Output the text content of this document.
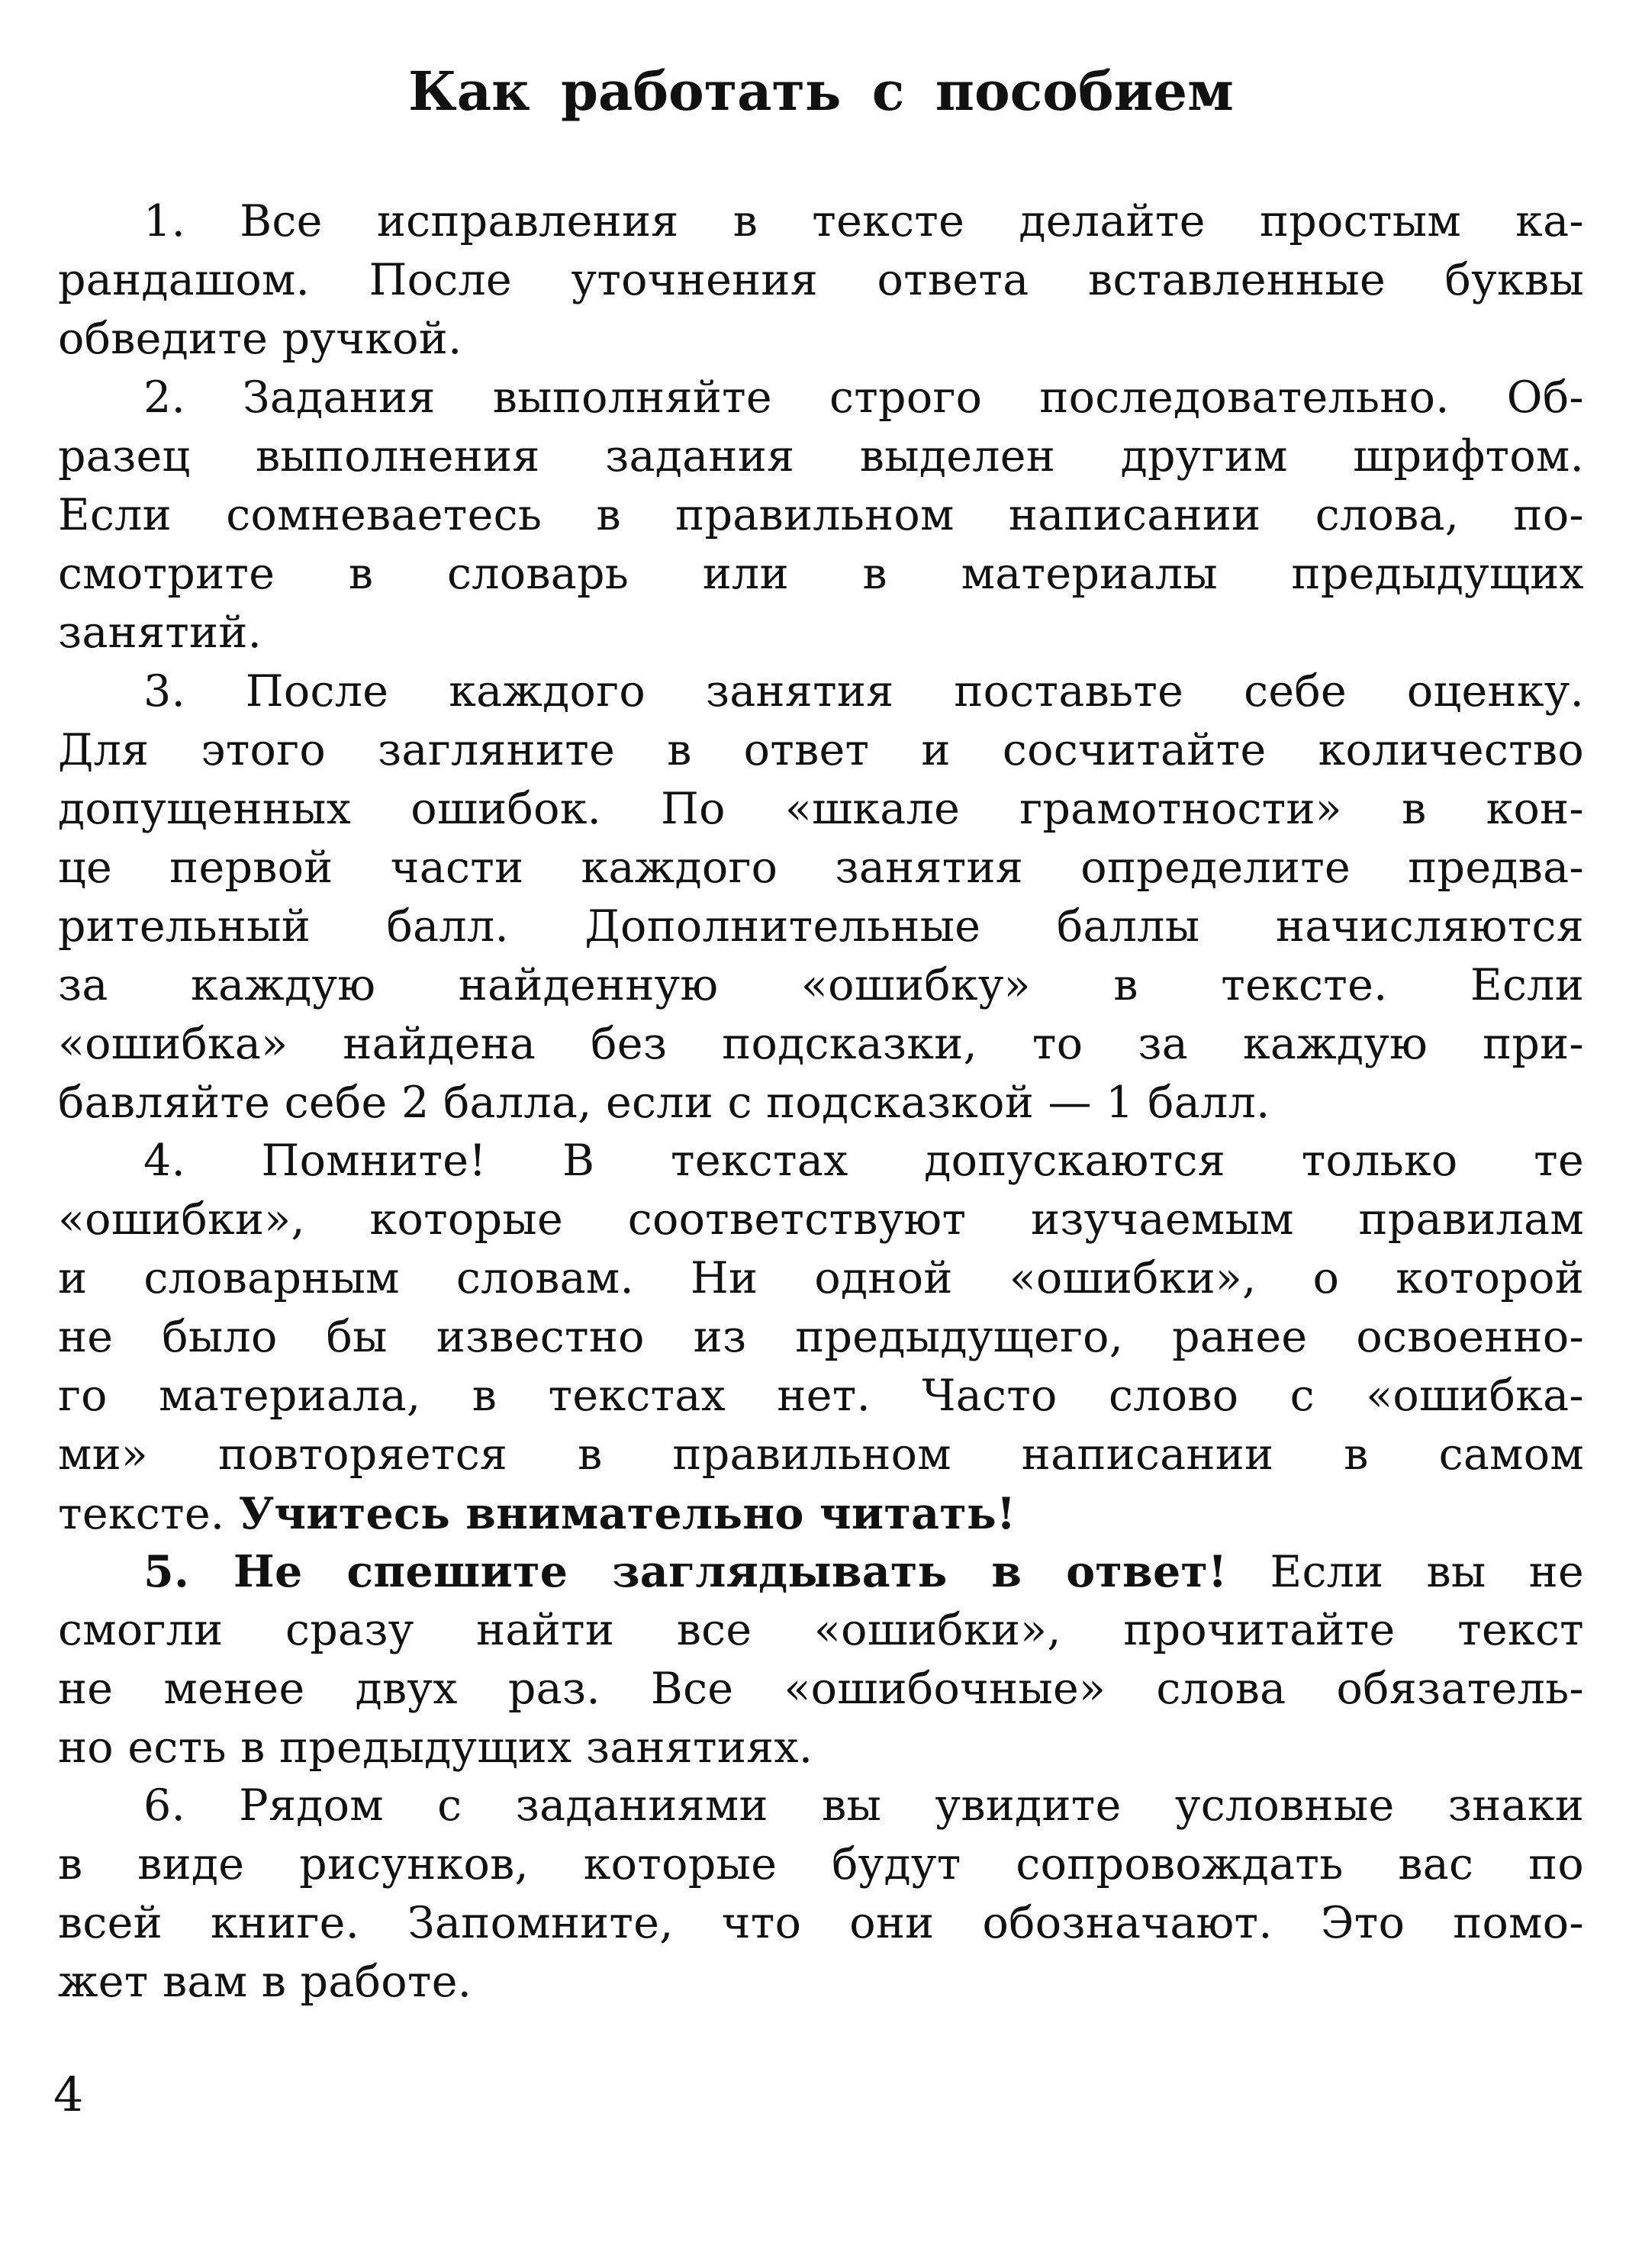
Как работать с пособием
1. Все исправления в тексте делайте простым ка-
рандашом. После уточнения ответа вставленные буквы
обведите ручкой.
2. Задания выполняйте строго последовательно. Об-
разец выполнения задания выделен другим шрифтом.
Если сомневаетесь в правильном написании слова, по-
смотрите в словарь или в материалы предыдущих
занятий.
3. После каждого занятия поставьте себе оценку.
Для этого загляните в ответ и сосчитайте количество
допущенных ошибок. По «шкале грамотности» в кон-
це первой части каждого занятия определите предва-
рительный балл. Дополнительные баллы начисляются
за каждую найденную «ошибку» в тексте. Если
«ошибка» найдена без подсказки, то за каждую при-
бавляйте себе 2 балла, если с подсказкой — 1 балл.
4. Помните! В текстах допускаются только те
«ошибки», которые соответствуют изучаемым правилам
и словарным словам. Ни одной «ошибки», о которой
не было бы известно из предыдущего, ранее освоенно-
го материала, в текстах нет. Часто слово с «ошибка-
ми» повторяется в правильном написании в самом
тексте. Учитесь внимательно читать!
5. Не спешите заглядывать в ответ! Если вы не
смогли сразу найти все «ошибки», прочитайте текст
не менее двух раз. Все «ошибочные» слова обязатель-
но есть в предыдущих занятиях.
6. Рядом с заданиями вы увидите условные знаки
в виде рисунков, которые будут сопровождать вас по
всей книге. Запомните, что они обозначают. Это помо-
жет вам в работе.
4
